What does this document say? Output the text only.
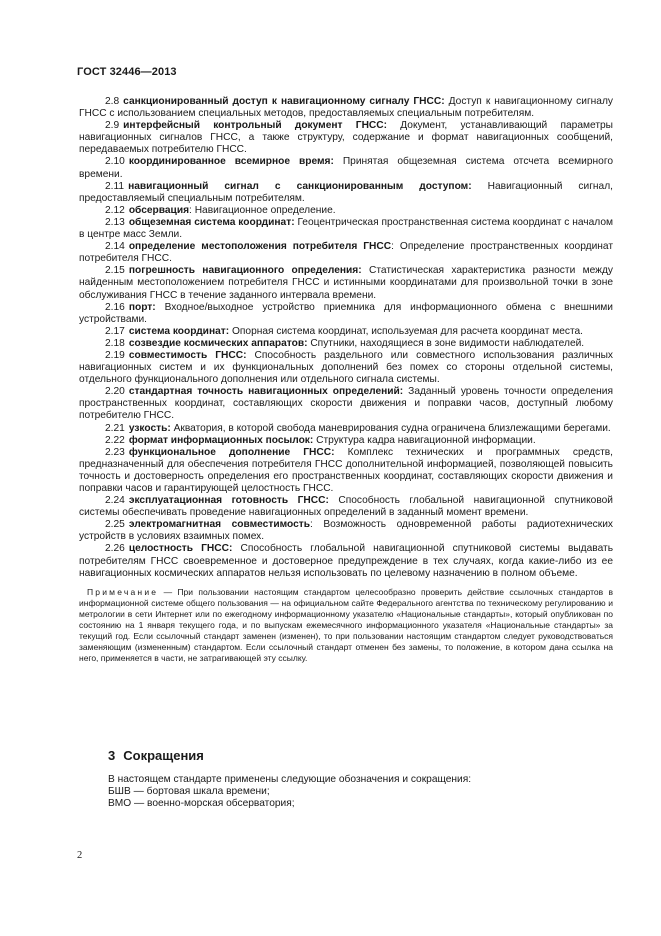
ГОСТ 32446—2013

2.8 санкционированный доступ к навигационному сигналу ГНСС: Доступ к навигационному сигналу ГНСС с использованием специальных методов, предоставляемых специальным потребителям.

2.9 интерфейсный контрольный документ ГНСС: Документ, устанавливающий параметры навигационных сигналов ГНСС, а также структуру, содержание и формат навигационных сообщений, передаваемых потребителю ГНСС.

2.10 координированное всемирное время: Принятая общеземная система отсчета всемирного времени.

2.11 навигационный сигнал с санкционированным доступом: Навигационный сигнал, предоставляемый специальным потребителям.

2.12 обсервация: Навигационное определение.

2.13 общеземная система координат: Геоцентрическая пространственная система координат с началом в центре масс Земли.

2.14 определение местоположения потребителя ГНСС: Определение пространственных координат потребителя ГНСС.

2.15 погрешность навигационного определения: Статистическая характеристика разности между найденным местоположением потребителя ГНСС и истинными координатами для произвольной точки в зоне обслуживания ГНСС в течение заданного интервала времени.

2.16 порт: Входное/выходное устройство приемника для информационного обмена с внешними устройствами.

2.17 система координат: Опорная система координат, используемая для расчета координат места.

2.18 созвездие космических аппаратов: Спутники, находящиеся в зоне видимости наблюдателей.

2.19 совместимость ГНСС: Способность раздельного или совместного использования различных навигационных систем и их функциональных дополнений без помех со стороны отдельной системы, отдельного функционального дополнения или отдельного сигнала системы.

2.20 стандартная точность навигационных определений: Заданный уровень точности определения пространственных координат, составляющих скорости движения и поправки часов, доступный любому потребителю ГНСС.

2.21 узкость: Акватория, в которой свобода маневрирования судна ограничена близлежащими берегами.

2.22 формат информационных посылок: Структура кадра навигационной информации.

2.23 функциональное дополнение ГНСС: Комплекс технических и программных средств, предназначенный для обеспечения потребителя ГНСС дополнительной информацией, позволяющей повысить точность и достоверность определения его пространственных координат, составляющих скорости движения и поправки часов и гарантирующей целостность ГНСС.

2.24 эксплуатационная готовность ГНСС: Способность глобальной навигационной спутниковой системы обеспечивать проведение навигационных определений в заданный момент времени.

2.25 электромагнитная совместимость: Возможность одновременной работы радиотехнических устройств в условиях взаимных помех.

2.26 целостность ГНСС: Способность глобальной навигационной спутниковой системы выдавать потребителям ГНСС своевременное и достоверное предупреждение в тех случаях, когда какие-либо из ее навигационных космических аппаратов нельзя использовать по целевому назначению в полном объеме.

Примечание — При пользовании настоящим стандартом целесообразно проверить действие ссылочных стандартов в информационной системе общего пользования — на официальном сайте Федерального агентства по техническому регулированию и метрологии в сети Интернет или по ежегодному информационному указателю «Национальные стандарты», который опубликован по состоянию на 1 января текущего года, и по выпускам ежемесячного информационного указателя «Национальные стандарты» за текущий год. Если ссылочный стандарт заменен (изменен), то при пользовании настоящим стандартом следует руководствоваться заменяющим (измененным) стандартом. Если ссылочный стандарт отменен без замены, то положение, в котором дана ссылка на него, применяется в части, не затрагивающей эту ссылку.

3 Сокращения

В настоящем стандарте применены следующие обозначения и сокращения:

БШВ — бортовая шкала времени;

ВМО — военно-морская обсерватория;

2
